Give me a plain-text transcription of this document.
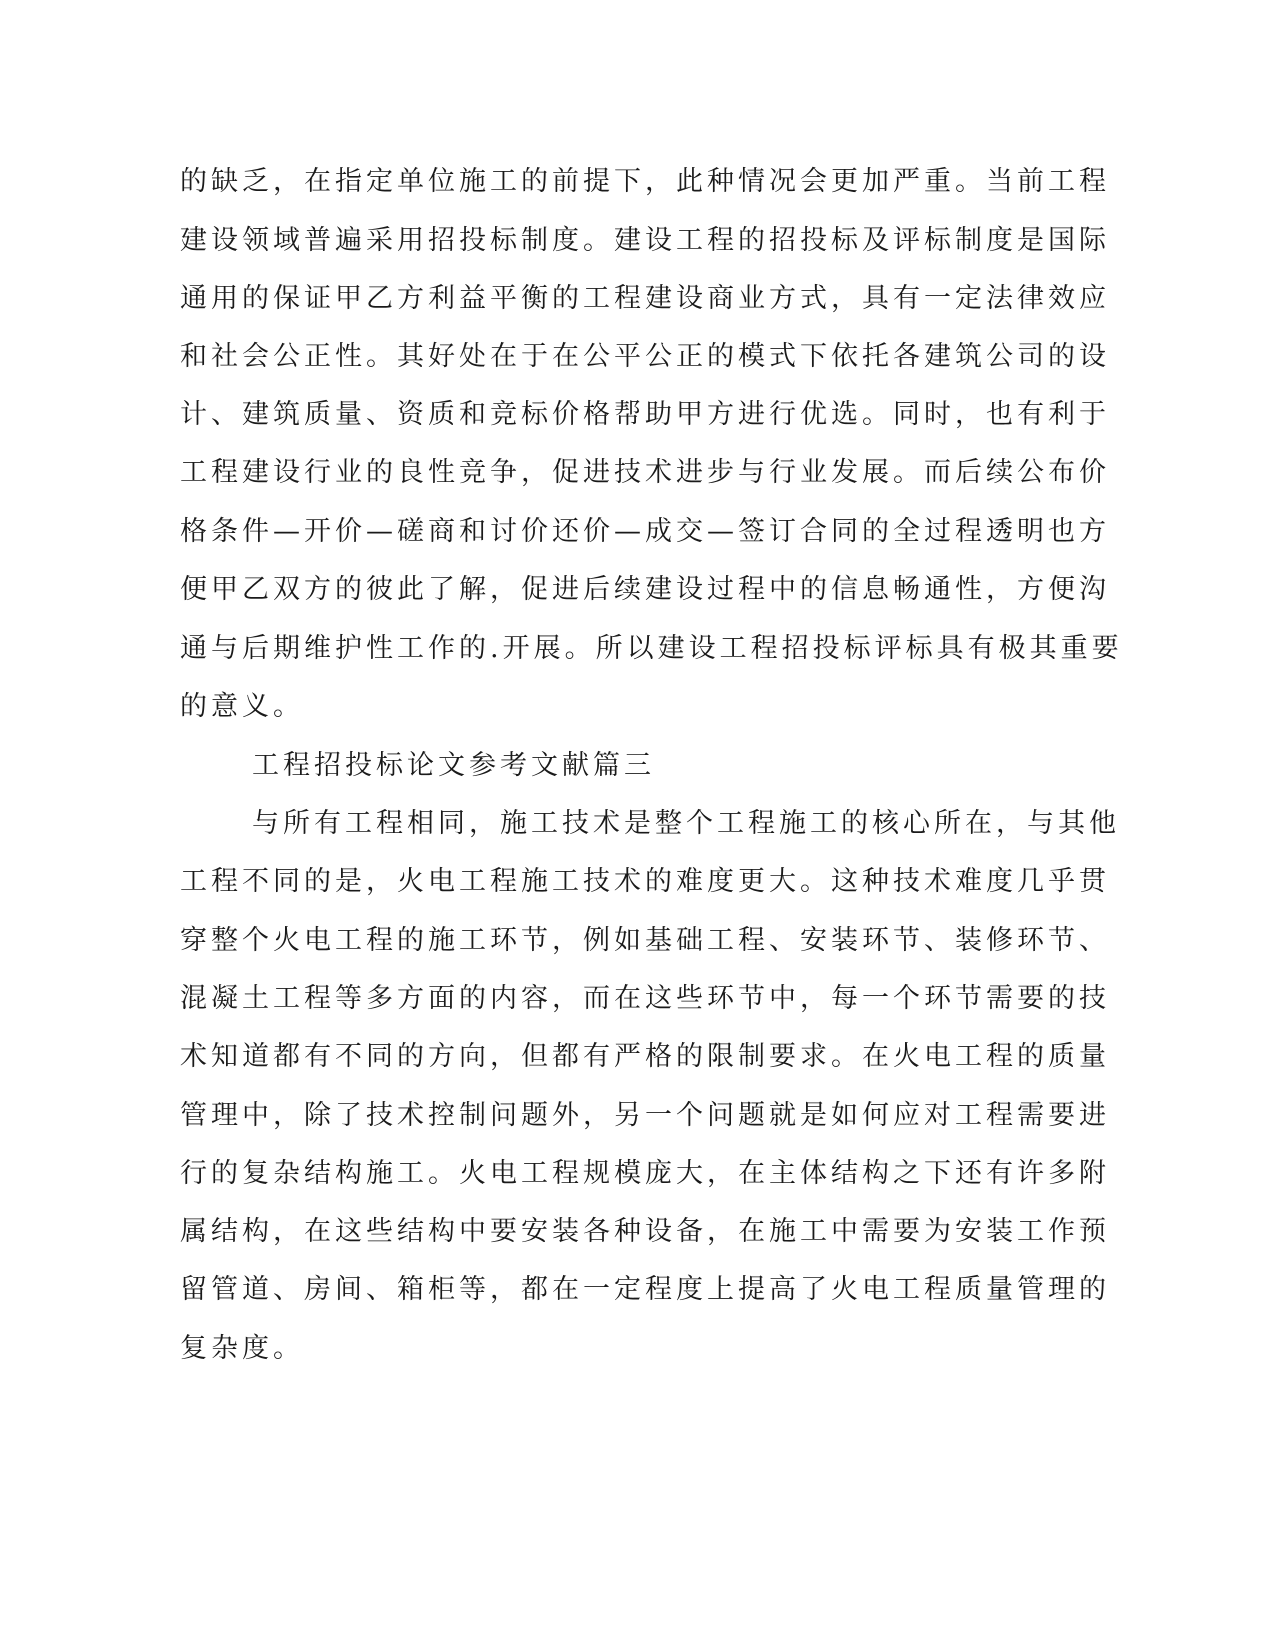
的缺乏，在指定单位施工的前提下，此种情况会更加严重。当前工程
建设领域普遍采用招投标制度。建设工程的招投标及评标制度是国际
通用的保证甲乙方利益平衡的工程建设商业方式，具有一定法律效应
和社会公正性。其好处在于在公平公正的模式下依托各建筑公司的设
计、建筑质量、资质和竞标价格帮助甲方进行优选。同时，也有利于
工程建设行业的良性竞争，促进技术进步与行业发展。而后续公布价
格条件—开价—磋商和讨价还价—成交—签订合同的全过程透明也方
便甲乙双方的彼此了解，促进后续建设过程中的信息畅通性，方便沟
通与后期维护性工作的.开展。所以建设工程招投标评标具有极其重要
的意义。
工程招投标论文参考文献篇三
与所有工程相同，施工技术是整个工程施工的核心所在，与其他
工程不同的是，火电工程施工技术的难度更大。这种技术难度几乎贯
穿整个火电工程的施工环节，例如基础工程、安装环节、装修环节、
混凝土工程等多方面的内容，而在这些环节中，每一个环节需要的技
术知道都有不同的方向，但都有严格的限制要求。在火电工程的质量
管理中，除了技术控制问题外，另一个问题就是如何应对工程需要进
行的复杂结构施工。火电工程规模庞大，在主体结构之下还有许多附
属结构，在这些结构中要安装各种设备，在施工中需要为安装工作预
留管道、房间、箱柜等，都在一定程度上提高了火电工程质量管理的
复杂度。
